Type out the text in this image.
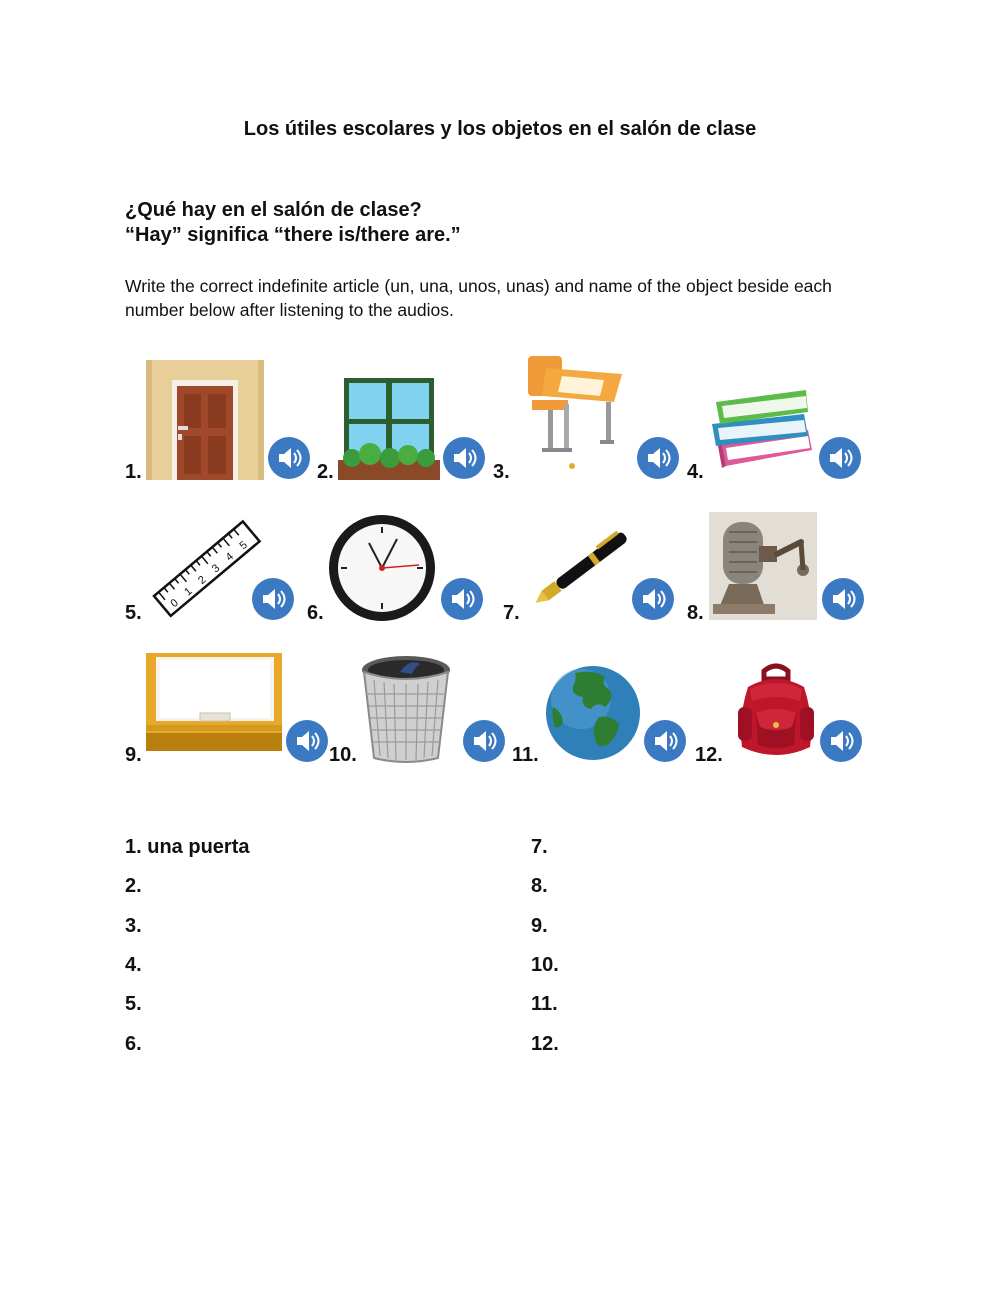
Los útiles escolares y los objetos en el salón de clase
¿Qué hay en el salón de clase?
“Hay” significa “there is/there are.”
Write the correct indefinite article (un, una, unos, unas) and name of the object beside each number below after listening to the audios.
1.	2.	3.	4.
5. 0
1
2
3
4
5
6.	7.	8.
9.	10.	11.	12.
1. una puerta
2.
3.
4.
5.
6.
7.
8.
9.
10.
11.
12.
